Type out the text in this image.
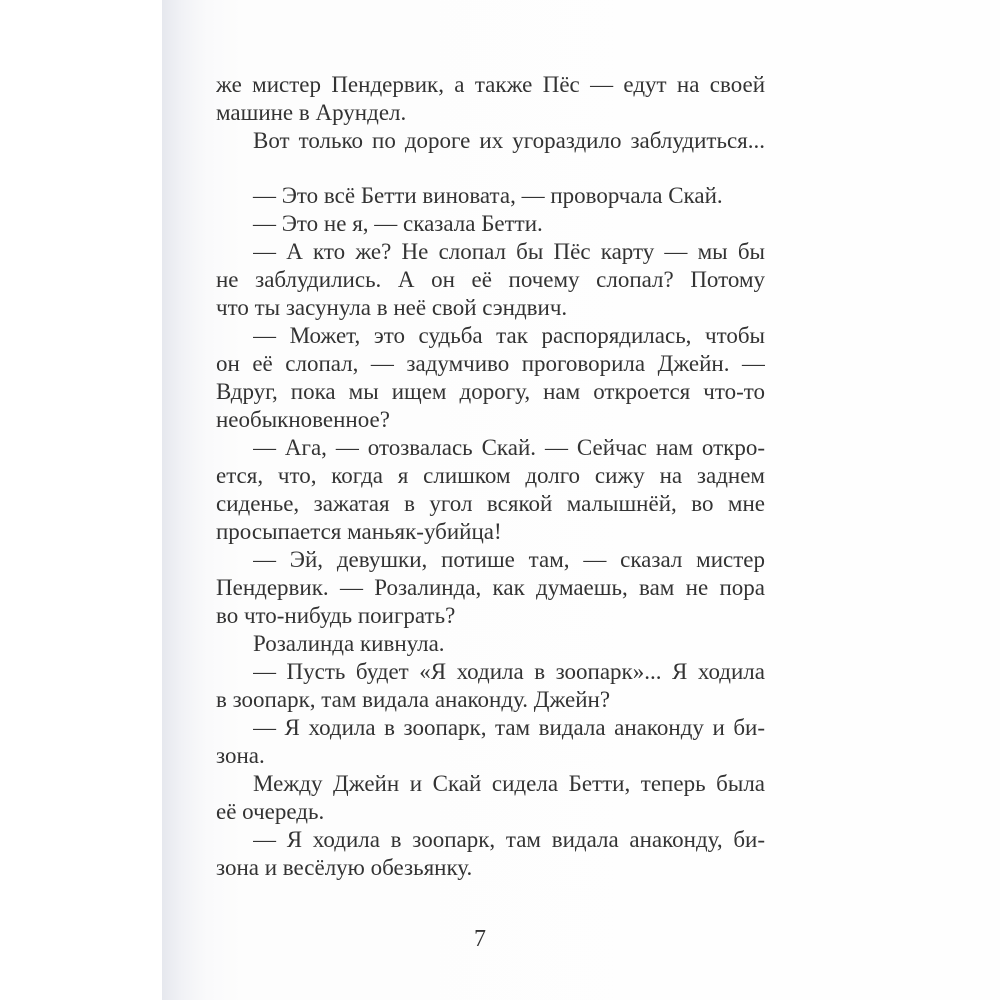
же мистер Пендервик, а также Пёс — едут на своей
машине в Арундел.
Вот только по дороге их угораздило заблудиться...
— Это всё Бетти виновата, — проворчала Скай.
— Это не я, — сказала Бетти.
— А кто же? Не слопал бы Пёс карту — мы бы
не заблудились. А он её почему слопал? Потому
что ты засунула в неё свой сэндвич.
— Может, это судьба так распорядилась, чтобы
он её слопал, — задумчиво проговорила Джейн. —
Вдруг, пока мы ищем дорогу, нам откроется что-то
необыкновенное?
— Ага, — отозвалась Скай. — Сейчас нам откро-
ется, что, когда я слишком долго сижу на заднем
сиденье, зажатая в угол всякой малышнёй, во мне
просыпается маньяк-убийца!
— Эй, девушки, потише там, — сказал мистер
Пендервик. — Розалинда, как думаешь, вам не пора
во что-нибудь поиграть?
Розалинда кивнула.
— Пусть будет «Я ходила в зоопарк»... Я ходила
в зоопарк, там видала анаконду. Джейн?
— Я ходила в зоопарк, там видала анаконду и би-
зона.
Между Джейн и Скай сидела Бетти, теперь была
её очередь.
— Я ходила в зоопарк, там видала анаконду, би-
зона и весёлую обезьянку.
7
